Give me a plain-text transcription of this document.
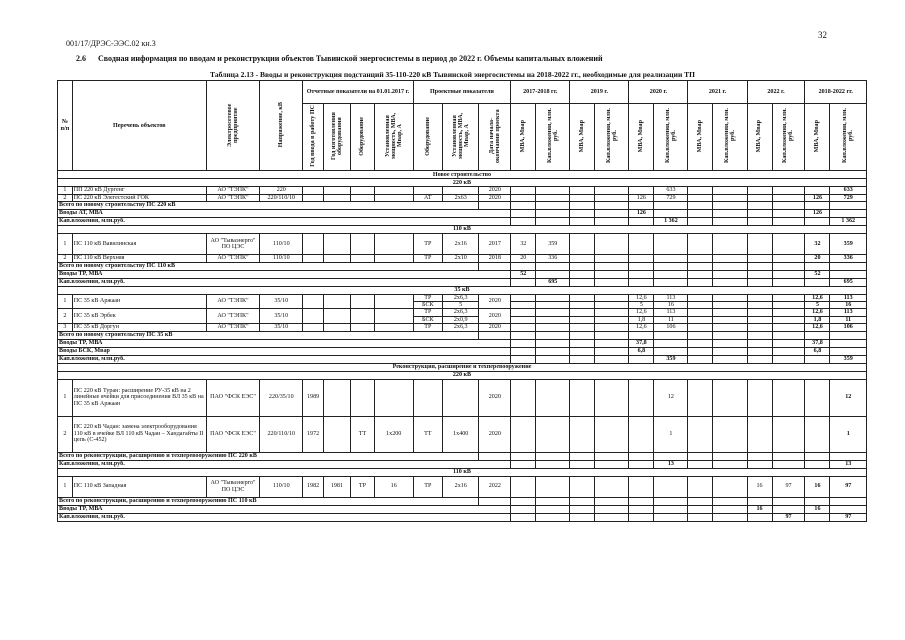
32
001/17/ДРЭС-ЭЭС.02 кн.3
2.6 Сводная информация по вводам и реконструкции объектов Тывинской энергосистемы в период до 2022 г. Объемы капитальных вложений
Таблица 2.13 - Вводы и реконструкция подстанций 35-110-220 кВ Тывинской энергосистемы на 2018-2022 гг., необходимые для реализации ТП
№ п/п	Перечень объектов	Электросетевое предприятие	Напряжение, кВ	Отчетные показатели на 01.01.2017 г.				Проектные показатели			2017-2018 гг.		2019 г.		2020 г.		2021 г.		2022 г.		2018-2022 гг.	
				Год ввода в работу ПС	Год изготовления оборудования	Оборудование	Установленная мощность, МВА, Мвар, А	Оборудование	Установленная мощность, МВА, Мвар, А	Дата начала-окончания проекта	МВА, Мвар	Кап.вложения, млн. руб.	МВА, Мвар	Кап.вложения, млн. руб.	МВА, Мвар	Кап.вложения, млн. руб.	МВА, Мвар	Кап.вложения, млн. руб.	МВА, Мвар	Кап.вложения, млн. руб.	МВА, Мвар	Кап.вложения, млн. руб.
Новое строительство																						
220 кВ																						
1	ПП 220 кВ Дургенг	АО "ТЭПК"	220							2020						633						633
2	ПС 220 кВ Элегестский ГОК	АО "ТЭПК"	220/110/10					АТ	2х63	2020					126	729					126	729
Всего по новому строительству ПС 220 кВ																						
Вводы АТ, МВА															126						126	
Кап.вложения, млн.руб.																1 362						1 362
110 кВ																						
1	ПС 110 кВ Вавилинская	АО "Тываэнерго" ПО ЦЭС	110/10					ТР	2х16	2017	32	359									32	359
2	ПС 110 кВ Верхняя	АО "ТЭПК"	110/10					ТР	2х10	2018	20	336									20	336
Всего по новому строительству ПС 110 кВ																						
Вводы ТР, МВА											52										52	
Кап.вложения, млн.руб.												695										695
35 кВ																						
1	ПС 35 кВ Аржаан	АО "ТЭПК"	35/10					ТР	2х6,3	2020					12,6	113					12,6	113
								БСК	5						5	16					5	16
2	ПС 35 кВ Эрбек	АО "ТЭПК"	35/10					ТР	2х6,3	2020					12,6	113					12,6	113
								БСК	2х0,9						1,8	11					1,8	11
3	ПС 35 кВ Доргун	АО "ТЭПК"	35/10					ТР	2х6,3	2020					12,6	106					12,6	106
Всего по новому строительству ПС 35 кВ																						
Вводы ТР, МВА															37,8						37,8	
Вводы БСК, Мвар															6,8						6,8	
Кап.вложения, млн.руб.																359						359
Реконструкция, расширение и техперевооружение																						
220 кВ																						
1	ПС 220 кВ Туран: расширение РУ-35 кВ на 2 линейные ячейки для присоединения ВЛ 35 кВ на ПС 35 кВ Аржаан	ПАО "ФСК ЕЭС"	220/35/10	1989						2020						12						12
2	ПС 220 кВ Чадан: замена электрооборудования 110 кВ в ячейке ВЛ 110 кВ Чадан – Хандагайты II цепь (С-452)	ПАО "ФСК ЕЭС"	220/110/10	1972		ТТ	1х200	ТТ	1х400	2020						1						1
Всего по реконструкции, расширению и техперевооружению ПС 220 кВ																						
Кап.вложения, млн.руб.																13						13
110 кВ																						
1	ПС 110 кВ Западная	АО "Тываэнерго" ПО ЦЭС	110/10	1982	1981	ТР	16	ТР	2х16	2022									16	97	16	97
Всего по реконструкции, расширению и техперевооружению ПС 110 кВ																						
Вводы ТР, МВА																			16		16	
Кап.вложения, млн.руб.																				97		97
